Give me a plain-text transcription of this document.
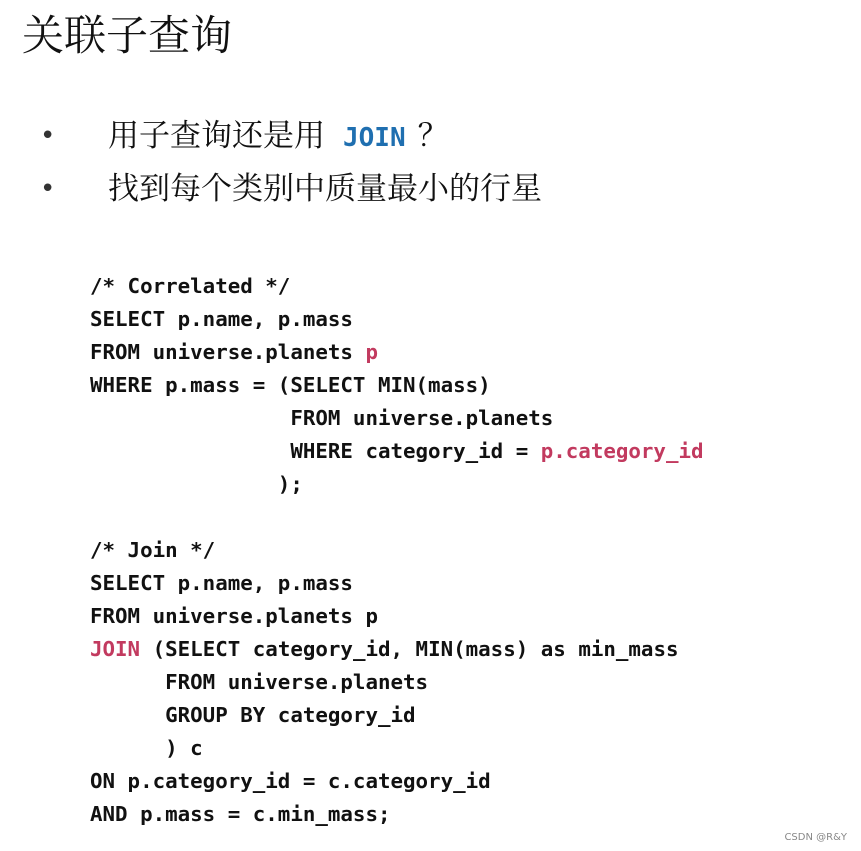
关联子查询
• 用子查询还是用 JOIN ？
• 找到每个类别中质量最小的行星
/* Correlated */
SELECT p.name, p.mass
FROM universe.planets p
WHERE p.mass = (SELECT MIN(mass)
FROM universe.planets
WHERE category_id = p.category_id
);
/* Join */
SELECT p.name, p.mass
FROM universe.planets p
JOIN (SELECT category_id, MIN(mass) as min_mass
FROM universe.planets
GROUP BY category_id
) c
ON p.category_id = c.category_id
AND p.mass = c.min_mass;
CSDN @R&Y
